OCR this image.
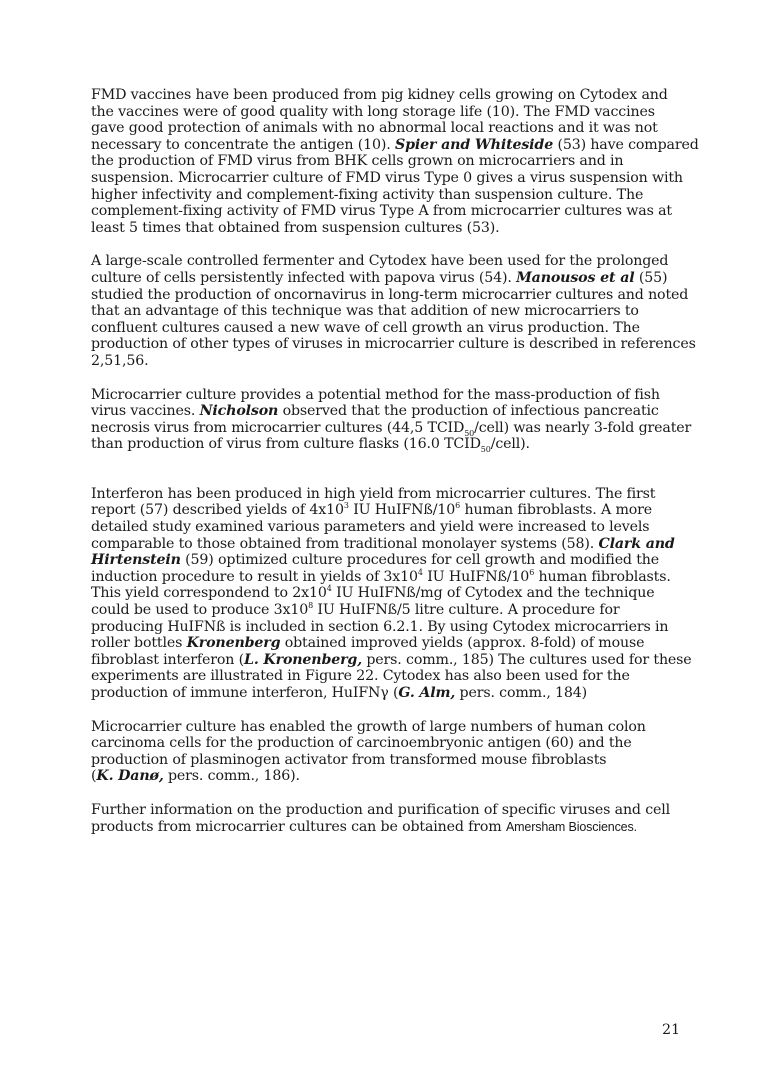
FMD vaccines have been produced from pig kidney cells growing on Cytodex and
the vaccines were of good quality with long storage life (10). The FMD vaccines
gave good protection of animals with no abnormal local reactions and it was not
necessary to concentrate the antigen (10). Spier and Whiteside (53) have compared
the production of FMD virus from BHK cells grown on microcarriers and in
suspension. Microcarrier culture of FMD virus Type 0 gives a virus suspension with
higher infectivity and complement-fixing activity than suspension culture. The
complement-fixing activity of FMD virus Type A from microcarrier cultures was at
least 5 times that obtained from suspension cultures (53).

A large-scale controlled fermenter and Cytodex have been used for the prolonged
culture of cells persistently infected with papova virus (54). Manousos et al (55)
studied the production of oncornavirus in long-term microcarrier cultures and noted
that an advantage of this technique was that addition of new microcarriers to
confluent cultures caused a new wave of cell growth an virus production. The
production of other types of viruses in microcarrier culture is described in references
2,51,56.

Microcarrier culture provides a potential method for the mass-production of fish
virus vaccines. Nicholson observed that the production of infectious pancreatic
necrosis virus from microcarrier cultures (44,5 $TCID_{50}/cell$) was nearly 3-fold greater
than production of virus from culture flasks (16.0 $TCID_{50}/cell$).

Interferon has been produced in high yield from microcarrier cultures. The first
report (57) described yields of $4x10^3$ IU HuIFNß/$10^6$ human fibroblasts. A more
detailed study examined various parameters and yield were increased to levels
comparable to those obtained from traditional monolayer systems (58). Clark and
Hirtenstein (59) optimized culture procedures for cell growth and modified the
induction procedure to result in yields of $3x10^4$ IU HuIFNß/$10^6$ human fibroblasts.
This yield correspondend to $2x10^4$ IU HuIFNß/mg of Cytodex and the technique
could be used to produce $3x10^8$ IU HuIFNß/5 litre culture. A procedure for
producing HuIFNß is included in section 6.2.1. By using Cytodex microcarriers in
roller bottles Kronenberg obtained improved yields (approx. 8-fold) of mouse
fibroblast interferon (L. Kronenberg, pers. comm., 185) The cultures used for these
experiments are illustrated in Figure 22. Cytodex has also been used for the
production of immune interferon, HuIFNγ (G. Alm, pers. comm., 184)

Microcarrier culture has enabled the growth of large numbers of human colon
carcinoma cells for the production of carcinoembryonic antigen (60) and the
production of plasminogen activator from transformed mouse fibroblasts
(K. Danø, pers. comm., 186).

Further information on the production and purification of specific viruses and cell
products from microcarrier cultures can be obtained from Amersham Biosciences.

21
